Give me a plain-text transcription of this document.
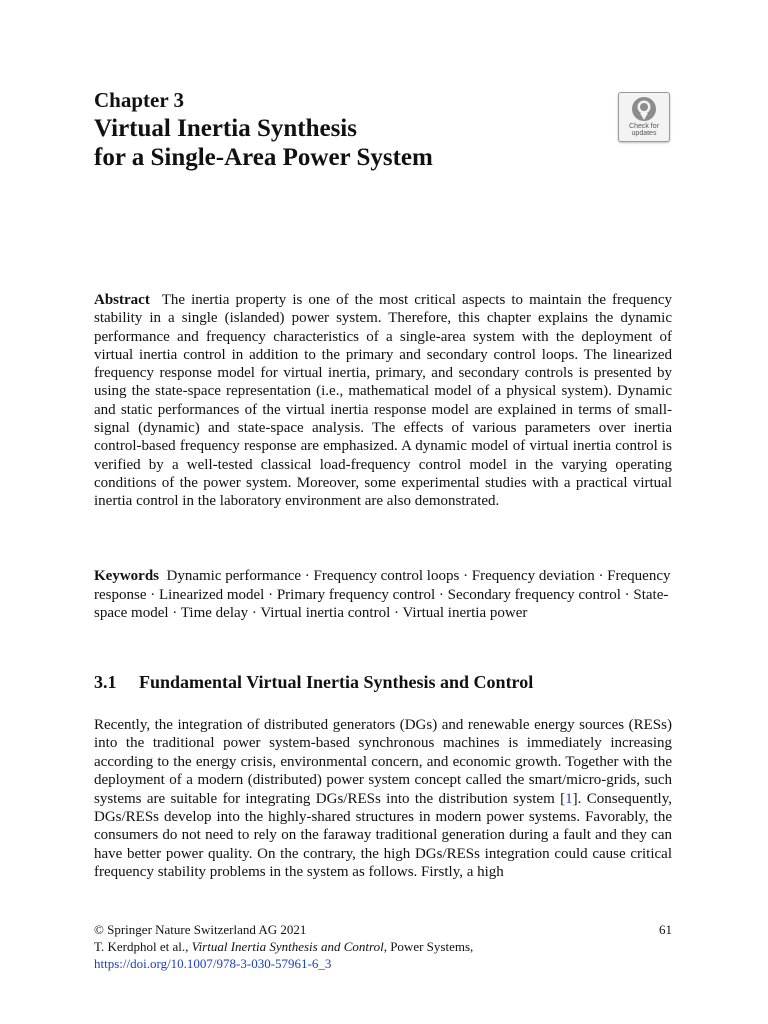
Chapter 3
Virtual Inertia Synthesis
for a Single-Area Power System
Check for
updates
Abstract The inertia property is one of the most critical aspects to maintain the frequency stability in a single (islanded) power system. Therefore, this chapter explains the dynamic performance and frequency characteristics of a single-area system with the deployment of virtual inertia control in addition to the primary and secondary control loops. The linearized frequency response model for virtual inertia, primary, and secondary controls is presented by using the state-space representation (i.e., mathematical model of a physical system). Dynamic and static performances of the virtual inertia response model are explained in terms of small-signal (dynamic) and state-space analysis. The effects of various parameters over inertia control-based frequency response are emphasized. A dynamic model of virtual inertia control is verified by a well-tested classical load-frequency control model in the varying operating conditions of the power system. Moreover, some experimental studies with a practical virtual inertia control in the laboratory environment are also demonstrated.
Keywords Dynamic performance · Frequency control loops · Frequency deviation · Frequency response · Linearized model · Primary frequency control · Secondary frequency control · State-space model · Time delay · Virtual inertia control · Virtual inertia power
3.1 Fundamental Virtual Inertia Synthesis and Control
Recently, the integration of distributed generators (DGs) and renewable energy sources (RESs) into the traditional power system-based synchronous machines is immediately increasing according to the energy crisis, environmental concern, and economic growth. Together with the deployment of a modern (distributed) power system concept called the smart/micro-grids, such systems are suitable for integrating DGs/RESs into the distribution system [1]. Consequently, DGs/RESs develop into the highly-shared structures in modern power systems. Favorably, the consumers do not need to rely on the faraway traditional generation during a fault and they can have better power quality. On the contrary, the high DGs/RESs integration could cause critical frequency stability problems in the system as follows. Firstly, a high
© Springer Nature Switzerland AG 2021	61
T. Kerdphol et al., Virtual Inertia Synthesis and Control, Power Systems,
https://doi.org/10.1007/978-3-030-57961-6_3
